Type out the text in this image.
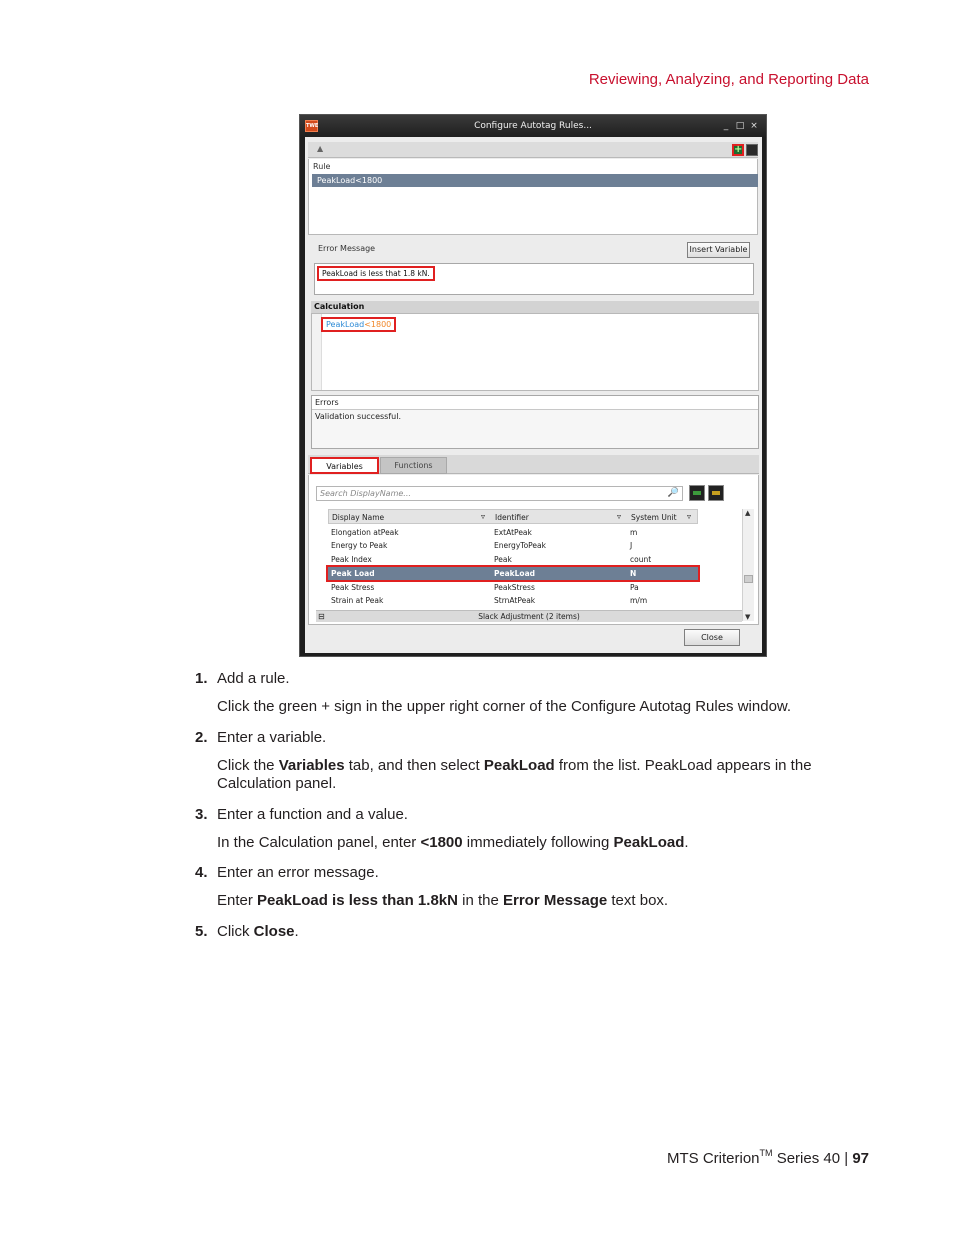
Reviewing, Analyzing, and Reporting Data
TWE	Configure Autotag Rules...	_ □ ×
▲	+
Rule
PeakLoad<1800
Error Message	Insert Variable
PeakLoad is less that 1.8 kN.
Calculation
PeakLoad<1800
Errors
Validation successful.
Variables	Functions
Search DisplayName...	🔎
Display Name	▿ Identifier	▿ System Unit ▿
Elongation atPeak	ExtAtPeak	m
Energy to Peak	EnergyToPeak	J
Peak Index	Peak	count
Peak Load	PeakLoad	N
Peak Stress	PeakStress	Pa
Strain at Peak	StrnAtPeak	m/m
⊟	Slack Adjustment (2 items)
▲
▼
Close
1. Add a rule.
Click the green + sign in the upper right corner of the Configure Autotag Rules window.
2. Enter a variable.
Click the Variables tab, and then select PeakLoad from the list. PeakLoad appears in the Calculation panel.
3. Enter a function and a value.
In the Calculation panel, enter <1800 immediately following PeakLoad.
4. Enter an error message.
Enter PeakLoad is less than 1.8kN in the Error Message text box.
5. Click Close.
MTS Criterion™ Series 40 | 97
